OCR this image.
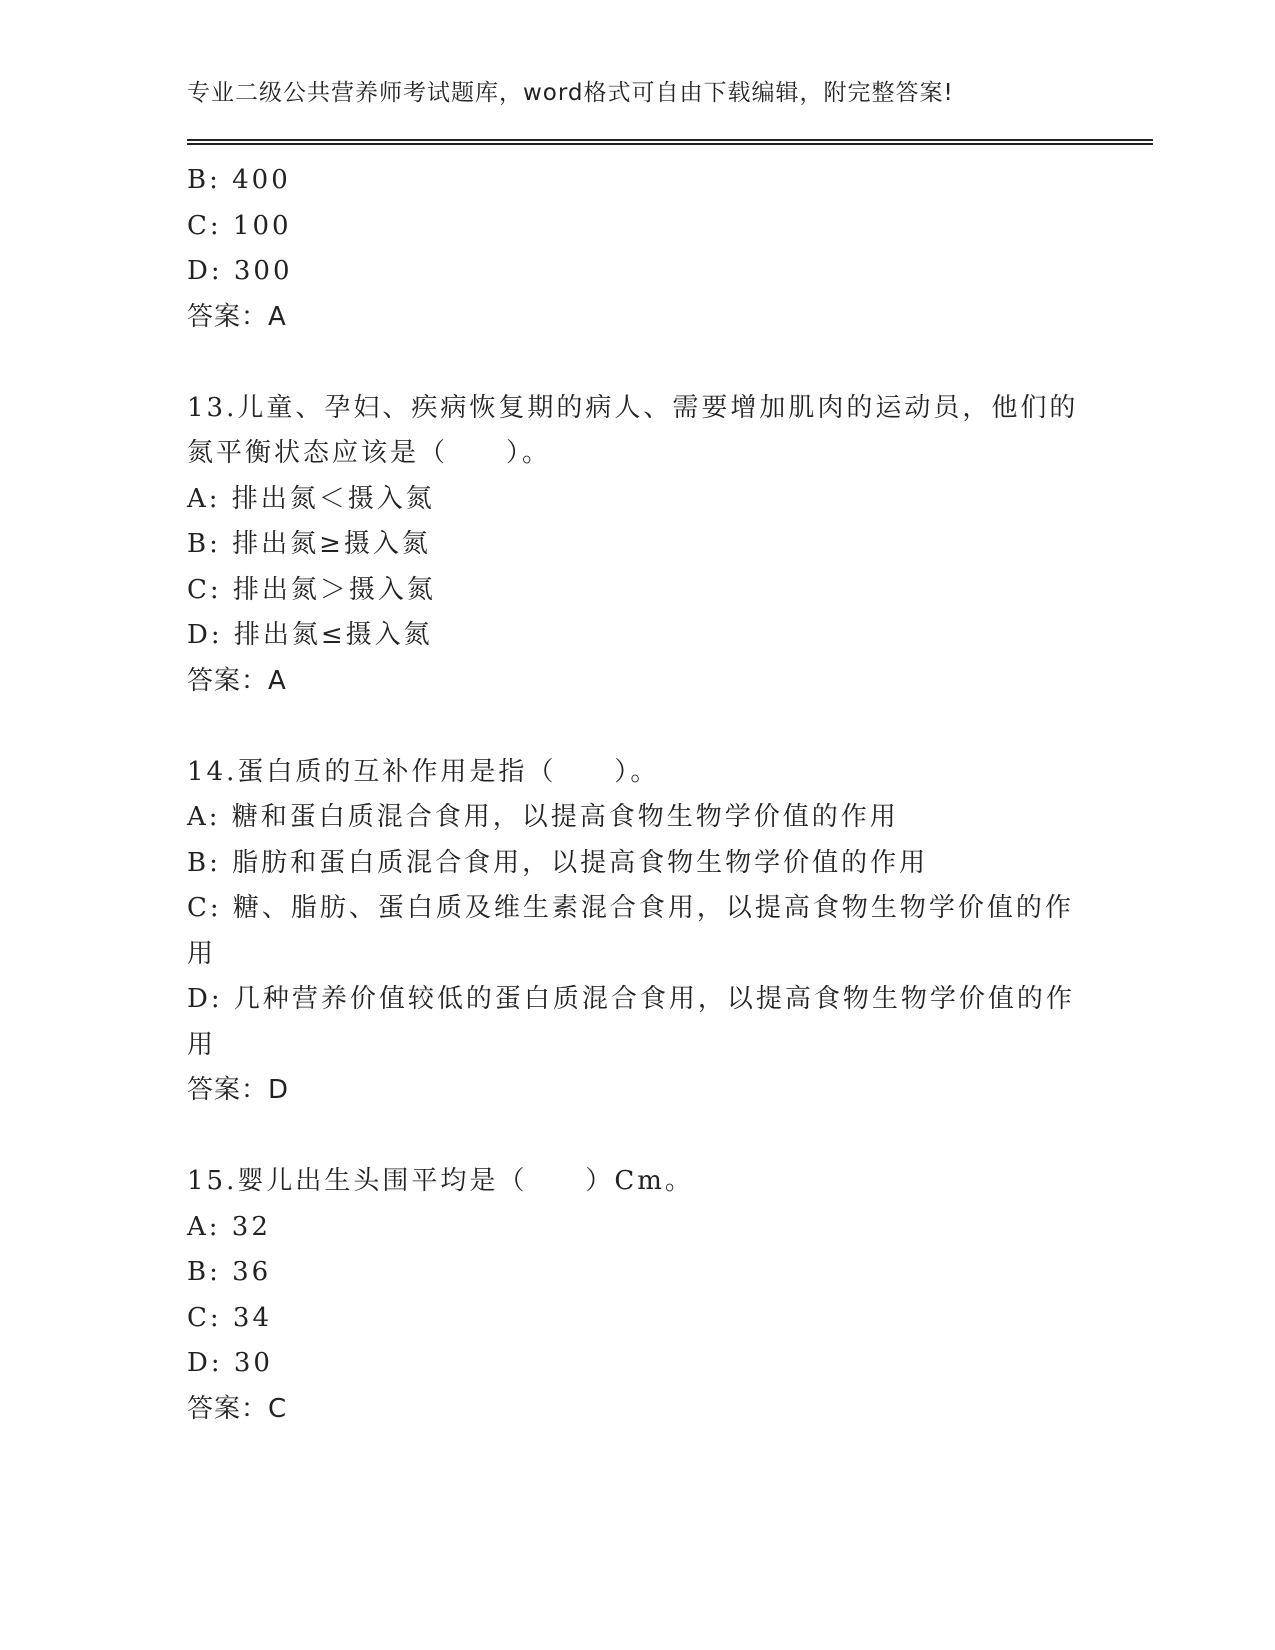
专业二级公共营养师考试题库，word格式可自由下载编辑，附完整答案!
B: 400
C: 100
D: 300
答案：A
13.儿童、孕妇、疾病恢复期的病人、需要增加肌肉的运动员，他们的
氮平衡状态应该是（　　）。
A: 排出氮＜摄入氮
B: 排出氮≥摄入氮
C: 排出氮＞摄入氮
D: 排出氮≤摄入氮
答案：A
14.蛋白质的互补作用是指（　　）。
A: 糖和蛋白质混合食用，以提高食物生物学价值的作用
B: 脂肪和蛋白质混合食用，以提高食物生物学价值的作用
C: 糖、脂肪、蛋白质及维生素混合食用，以提高食物生物学价值的作
用
D: 几种营养价值较低的蛋白质混合食用，以提高食物生物学价值的作
用
答案：D
15.婴儿出生头围平均是（　　）Cm。
A: 32
B: 36
C: 34
D: 30
答案：C
